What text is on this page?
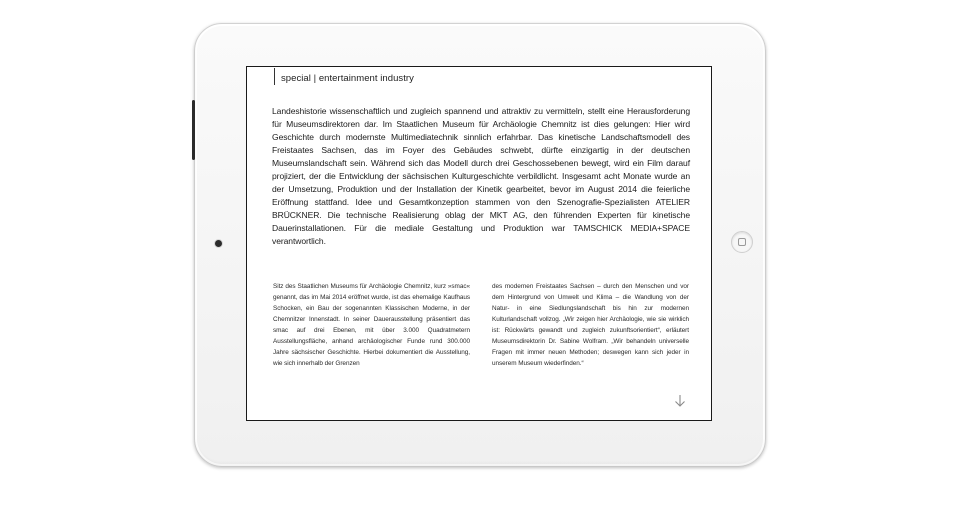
special | entertainment industry

Landeshistorie wissenschaftlich und zugleich spannend und attraktiv zu vermitteln, stellt eine Herausforderung für Museumsdirektoren dar. Im Staatlichen Museum für Archäologie Chemnitz ist dies gelungen: Hier wird Geschichte durch modernste Multimediatechnik sinnlich erfahrbar. Das kinetische Landschaftsmodell des Freistaates Sachsen, das im Foyer des Gebäudes schwebt, dürfte einzigartig in der deutschen Museumslandschaft sein. Während sich das Modell durch drei Geschossebenen bewegt, wird ein Film darauf projiziert, der die Entwicklung der sächsischen Kulturgeschichte verbildlicht. Insgesamt acht Monate wurde an der Umsetzung, Produktion und der Installation der Kinetik gearbeitet, bevor im August 2014 die feierliche Eröffnung stattfand. Idee und Gesamtkonzeption stammen von den Szenografie-Spezialisten ATELIER BRÜCKNER. Die technische Realisierung oblag der MKT AG, den führenden Experten für kinetische Dauerinstallationen. Für die mediale Gestaltung und Produktion war TAMSCHICK MEDIA+SPACE verantwortlich.

Sitz des Staatlichen Museums für Archäologie Chemnitz, kurz »smac« genannt, das im Mai 2014 eröffnet wurde, ist das ehemalige Kaufhaus Schocken, ein Bau der sogenannten Klassischen Moderne, in der Chemnitzer Innenstadt. In seiner Dauerausstellung präsentiert das smac auf drei Ebenen, mit über 3.000 Quadratmetern Ausstellungsfläche, anhand archäologischer Funde rund 300.000 Jahre sächsischer Geschichte. Hierbei dokumentiert die Ausstellung, wie sich innerhalb der Grenzen

des modernen Freistaates Sachsen – durch den Menschen und vor dem Hintergrund von Umwelt und Klima – die Wandlung von der Natur- in eine Siedlungslandschaft bis hin zur modernen Kulturlandschaft vollzog. „Wir zeigen hier Archäologie, wie sie wirklich ist: Rückwärts gewandt und zugleich zukunftsorientiert“, erläutert Museumsdirektorin Dr. Sabine Wolfram. „Wir behandeln universelle Fragen mit immer neuen Methoden; deswegen kann sich jeder in unserem Museum wiederfinden.“
